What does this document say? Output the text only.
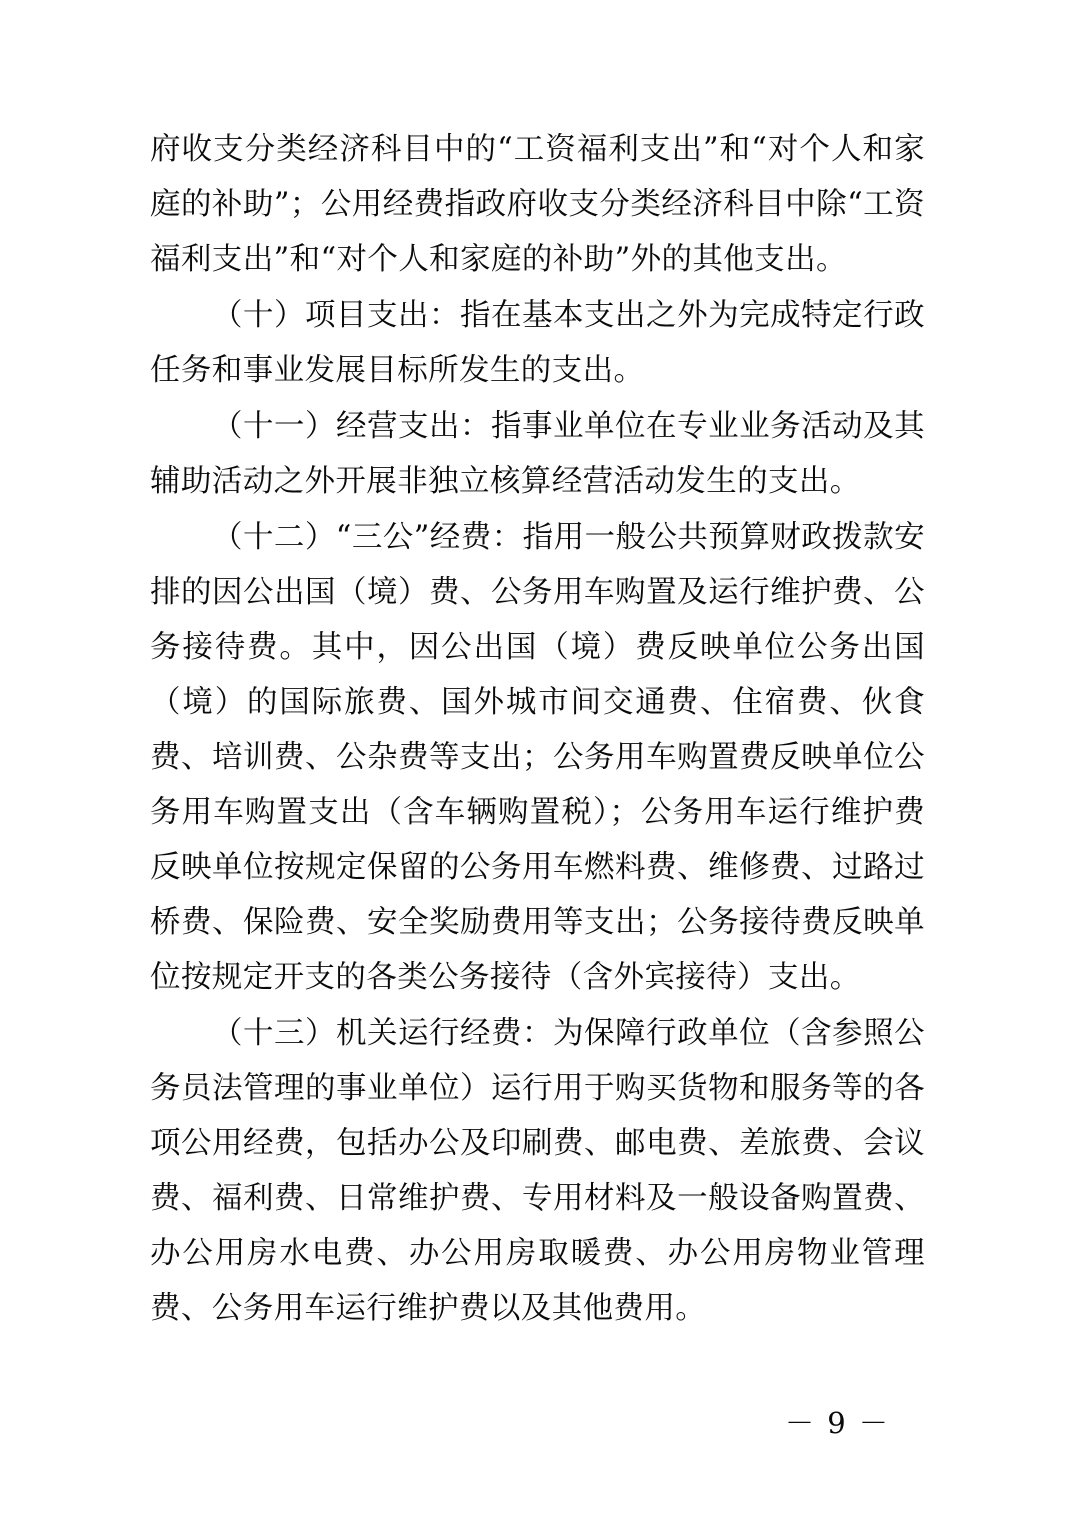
府收支分类经济科目中的“工资福利支出”和“对个人和家庭的补助”；公用经费指政府收支分类经济科目中除“工资福利支出”和“对个人和家庭的补助”外的其他支出。

（十）项目支出：指在基本支出之外为完成特定行政任务和事业发展目标所发生的支出。

（十一）经营支出：指事业单位在专业业务活动及其辅助活动之外开展非独立核算经营活动发生的支出。

（十二）“三公”经费：指用一般公共预算财政拨款安排的因公出国（境）费、公务用车购置及运行维护费、公务接待费。其中，因公出国（境）费反映单位公务出国（境）的国际旅费、国外城市间交通费、住宿费、伙食费、培训费、公杂费等支出；公务用车购置费反映单位公务用车购置支出（含车辆购置税）；公务用车运行维护费反映单位按规定保留的公务用车燃料费、维修费、过路过桥费、保险费、安全奖励费用等支出；公务接待费反映单位按规定开支的各类公务接待（含外宾接待）支出。

（十三）机关运行经费：为保障行政单位（含参照公务员法管理的事业单位）运行用于购买货物和服务等的各项公用经费，包括办公及印刷费、邮电费、差旅费、会议费、福利费、日常维护费、专用材料及一般设备购置费、办公用房水电费、办公用房取暖费、办公用房物业管理费、公务用车运行维护费以及其他费用。

－ 9 －
